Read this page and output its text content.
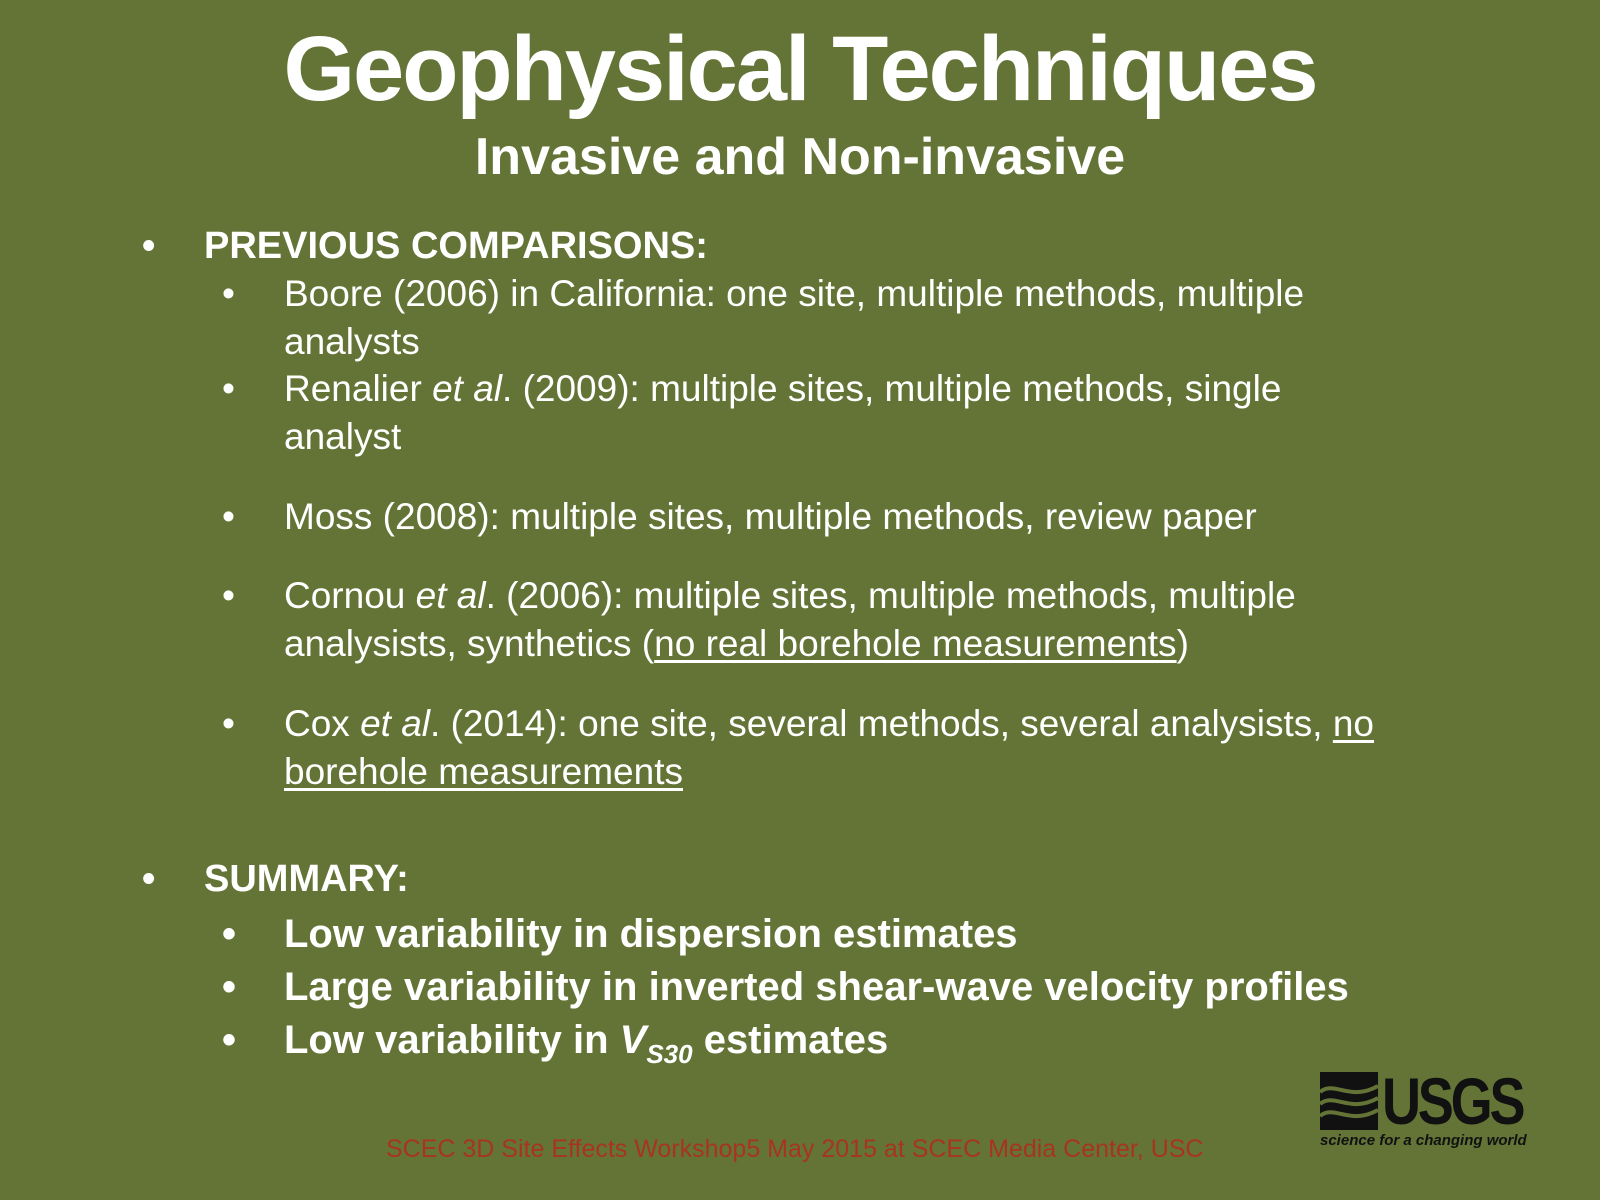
Geophysical Techniques
Invasive and Non-invasive
• PREVIOUS COMPARISONS:
• Boore (2006) in California: one site, multiple methods, multiple
analysts
• Renalier et al. (2009): multiple sites, multiple methods, single
analyst
• Moss (2008): multiple sites, multiple methods, review paper
• Cornou et al. (2006): multiple sites, multiple methods, multiple
analysists, synthetics (no real borehole measurements)
• Cox et al. (2014): one site, several methods, several analysists, no
borehole measurements
• SUMMARY:
• Low variability in dispersion estimates
• Large variability in inverted shear-wave velocity profiles
• Low variability in $V_{S30}$ estimates
SCEC 3D Site Effects Workshop5 May 2015 at SCEC Media Center, USC
USGS
science for a changing world
